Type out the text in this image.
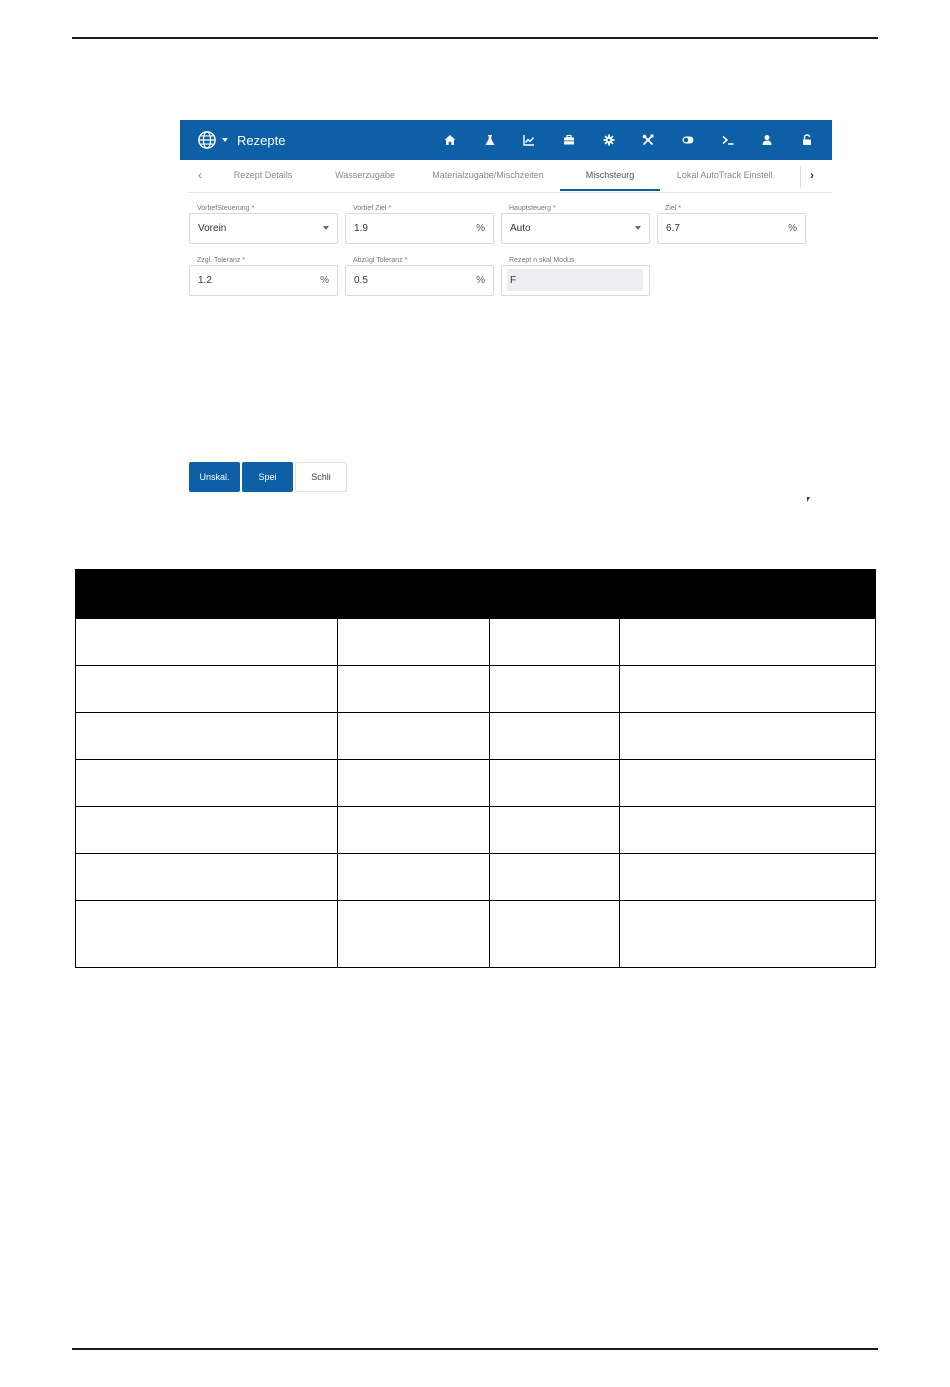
Rezepte
‹	Rezept Details	Wasserzugabe	Materialzugabe/Mischzeiten	Mischsteurg	Lokal AutoTrack Einstell.	›
VorbefSteuerung *
Vorein
Vorbef Ziel *
1.9	%
Hauptsteuerg *
Auto
Ziel *
6.7	%
Zzgl. Toleranz *
1.2	%
Abzügl Toleranz *
0.5	%
Rezept n skal Modus
F
Unskal.	Spei	Schli
